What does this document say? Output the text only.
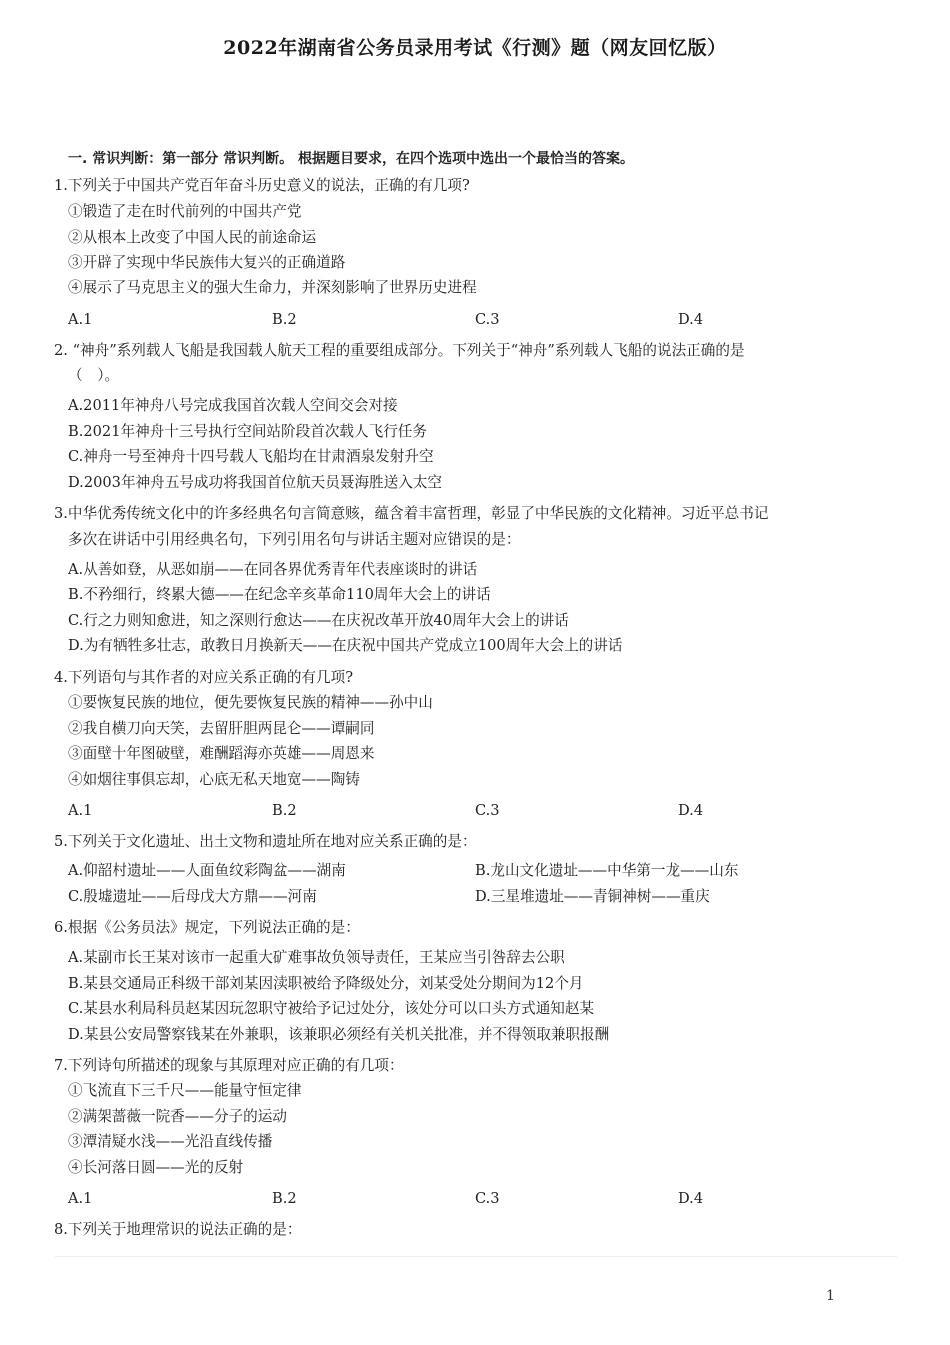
2022年湖南省公务员录用考试《行测》题（网友回忆版）
一. 常识判断：第一部分 常识判断。 根据题目要求，在四个选项中选出一个最恰当的答案。
1.下列关于中国共产党百年奋斗历史意义的说法，正确的有几项?
①锻造了走在时代前列的中国共产党
②从根本上改变了中国人民的前途命运
③开辟了实现中华民族伟大复兴的正确道路
④展示了马克思主义的强大生命力，并深刻影响了世界历史进程
A.1	B.2	C.3	D.4
2. “神舟”系列载人飞船是我国载人航天工程的重要组成部分。下列关于“神舟”系列载人飞船的说法正确的是
（　）。
A.2011年神舟八号完成我国首次载人空间交会对接
B.2021年神舟十三号执行空间站阶段首次载人飞行任务
C.神舟一号至神舟十四号载人飞船均在甘肃酒泉发射升空
D.2003年神舟五号成功将我国首位航天员聂海胜送入太空
3.中华优秀传统文化中的许多经典名句言简意赅，蕴含着丰富哲理，彰显了中华民族的文化精神。习近平总书记
多次在讲话中引用经典名句，下列引用名句与讲话主题对应错误的是：
A.从善如登，从恶如崩——在同各界优秀青年代表座谈时的讲话
B.不矜细行，终累大德——在纪念辛亥革命110周年大会上的讲话
C.行之力则知愈进，知之深则行愈达——在庆祝改革开放40周年大会上的讲话
D.为有牺牲多壮志，敢教日月换新天——在庆祝中国共产党成立100周年大会上的讲话
4.下列语句与其作者的对应关系正确的有几项?
①要恢复民族的地位，便先要恢复民族的精神——孙中山
②我自横刀向天笑，去留肝胆两昆仑——谭嗣同
③面壁十年图破壁，难酬蹈海亦英雄——周恩来
④如烟往事俱忘却，心底无私天地宽——陶铸
A.1	B.2	C.3	D.4
5.下列关于文化遗址、出土文物和遗址所在地对应关系正确的是：
A.仰韶村遗址——人面鱼纹彩陶盆——湖南	B.龙山文化遗址——中华第一龙——山东
C.殷墟遗址——后母戊大方鼎——河南	D.三星堆遗址——青铜神树——重庆
6.根据《公务员法》规定，下列说法正确的是：
A.某副市长王某对该市一起重大矿难事故负领导责任，王某应当引咎辞去公职
B.某县交通局正科级干部刘某因渎职被给予降级处分，刘某受处分期间为12个月
C.某县水利局科员赵某因玩忽职守被给予记过处分，该处分可以口头方式通知赵某
D.某县公安局警察钱某在外兼职，该兼职必须经有关机关批准，并不得领取兼职报酬
7.下列诗句所描述的现象与其原理对应正确的有几项：
①飞流直下三千尺——能量守恒定律
②满架蔷薇一院香——分子的运动
③潭清疑水浅——光沿直线传播
④长河落日圆——光的反射
A.1	B.2	C.3	D.4
8.下列关于地理常识的说法正确的是：
1
